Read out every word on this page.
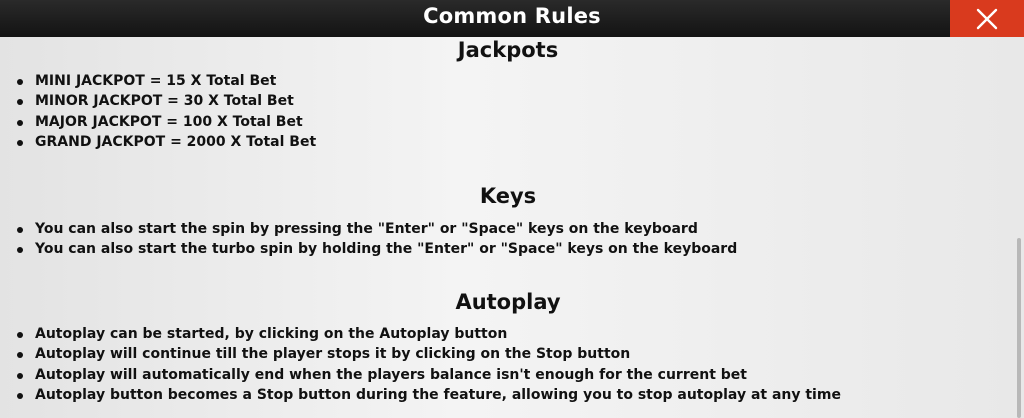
Common Rules
Jackpots
MINI JACKPOT = 15 X Total Bet
MINOR JACKPOT = 30 X Total Bet
MAJOR JACKPOT = 100 X Total Bet
GRAND JACKPOT = 2000 X Total Bet
Keys
You can also start the spin by pressing the "Enter" or "Space" keys on the keyboard
You can also start the turbo spin by holding the "Enter" or "Space" keys on the keyboard
Autoplay
Autoplay can be started, by clicking on the Autoplay button
Autoplay will continue till the player stops it by clicking on the Stop button
Autoplay will automatically end when the players balance isn't enough for the current bet
Autoplay button becomes a Stop button during the feature, allowing you to stop autoplay at any time
